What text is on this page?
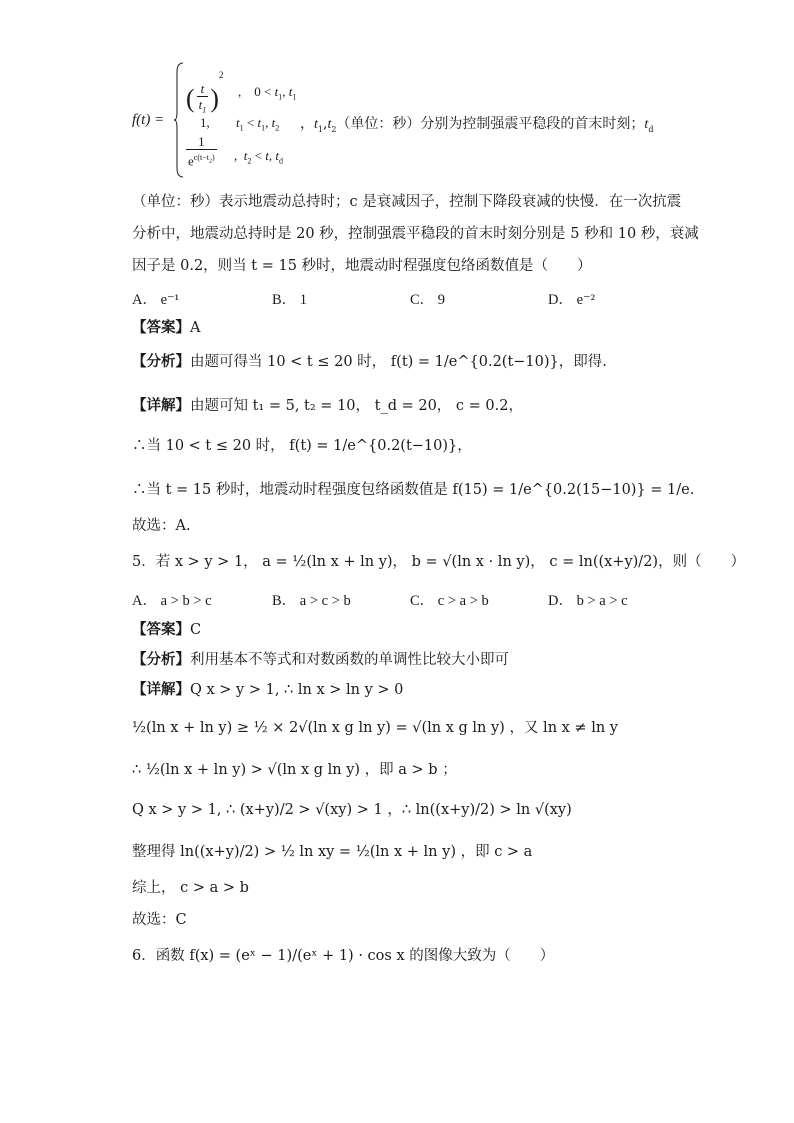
f(t) =
( $\frac{t}{t_1} )^2$
,    $0 < t_1$, $t_1$
1, $t_1 < t_1$, $t_2$ ，$t_1,t_2$（单位：秒）分别为控制强震平稳段的首末时刻；$t_d$
$\frac{1}{e^{c(t-t_2)}}$ ,  $t_2 < t$, $t_d$
（单位：秒）表示地震动总持时；c 是衰减因子，控制下降段衰减的快慢．在一次抗震
分析中，地震动总持时是 20 秒，控制强震平稳段的首末时刻分别是 5 秒和 10 秒，衰减
因子是 0.2，则当 t = 15 秒时，地震动时程强度包络函数值是（　　）
A． e⁻¹	B． 1	C． 9	D． e⁻²
【答案】A
【分析】由题可得当 10 < t ≤ 20 时， f(t) = 1/e^{0.2(t−10)}，即得.
【详解】由题可知 t₁ = 5, t₂ = 10， t_d = 20， c = 0.2，
∴当 10 < t ≤ 20 时， f(t) = 1/e^{0.2(t−10)}，
∴当 t = 15 秒时，地震动时程强度包络函数值是 f(15) = 1/e^{0.2(15−10)} = 1/e.
故选：A.
5．若 x > y > 1， a = ½(ln x + ln y)， b = √(ln x · ln y)， c = ln((x+y)/2)，则（　　）
A． a > b > c	B． a > c > b	C． c > a > b	D． b > a > c
【答案】C
【分析】利用基本不等式和对数函数的单调性比较大小即可
【详解】Q x > y > 1, ∴ ln x > ln y > 0
½(ln x + ln y) ≥ ½ × 2√(ln x g ln y) = √(ln x g ln y) ，又 ln x ≠ ln y
∴ ½(ln x + ln y) > √(ln x g ln y) ，即 a > b ；
Q x > y > 1, ∴ (x+y)/2 > √(xy) > 1 ，∴ ln((x+y)/2) > ln √(xy)
整理得 ln((x+y)/2) > ½ ln xy = ½(ln x + ln y) ，即 c > a
综上， c > a > b
故选：C
6．函数 f(x) = (eˣ − 1)/(eˣ + 1) · cos x 的图像大致为（　　）
